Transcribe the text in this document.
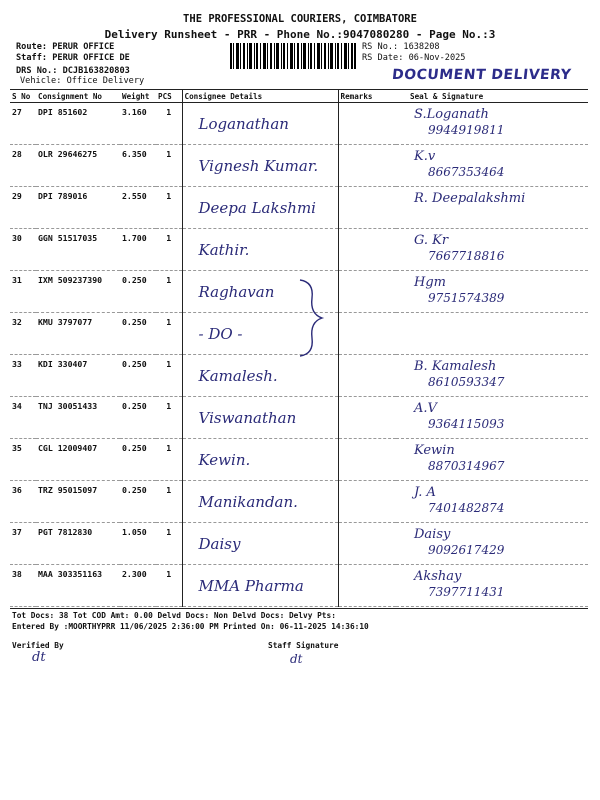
THE PROFESSIONAL COURIERS, COIMBATORE
Delivery Runsheet - PRR - Phone No.:9047080280 - Page No.:3
Route: PERUR OFFICE
Staff: PERUR OFFICE DE
DRS No.: DCJB163820803
Vehicle: Office Delivery
RS No.: 1638208
RS Date: 06-Nov-2025
DOCUMENT DELIVERY
S No	Consignment No	Weight	PCS	Consignee Details	Remarks	Seal & Signature
27	DPI 851602	3.160	1	Loganathan		S.Loganath
9944919811

28	OLR 29646275	6.350	1	Vignesh Kumar.		K.v
8667353464

29	DPI 789016	2.550	1	Deepa Lakshmi		R. Deepalakshmi

30	GGN 51517035	1.700	1	Kathir.		G. Kr
7667718816

31	IXM 509237390	0.250	1	Raghavan		Hgm
9751574389

32	KMU 3797077	0.250	1	- DO -		

33	KDI 330407	0.250	1	Kamalesh.		B. Kamalesh
8610593347

34	TNJ 30051433	0.250	1	Viswanathan		A.V
9364115093

35	CGL 12009407	0.250	1	Kewin.		Kewin
8870314967

36	TRZ 95015097	0.250	1	Manikandan.		J. A
7401482874

37	PGT 7812830	1.050	1	Daisy		Daisy
9092617429

38	MAA 303351163	2.300	1	MMA Pharma		Akshay
7397711431
Tot Docs: 38 Tot COD Amt: 0.00 Delvd Docs: Non Delvd Docs: Delvy Pts:
Entered By :MOORTHYPRR 11/06/2025 2:36:00 PM Printed On: 06-11-2025 14:36:10
Verified By
dt
Staff Signature
dt
